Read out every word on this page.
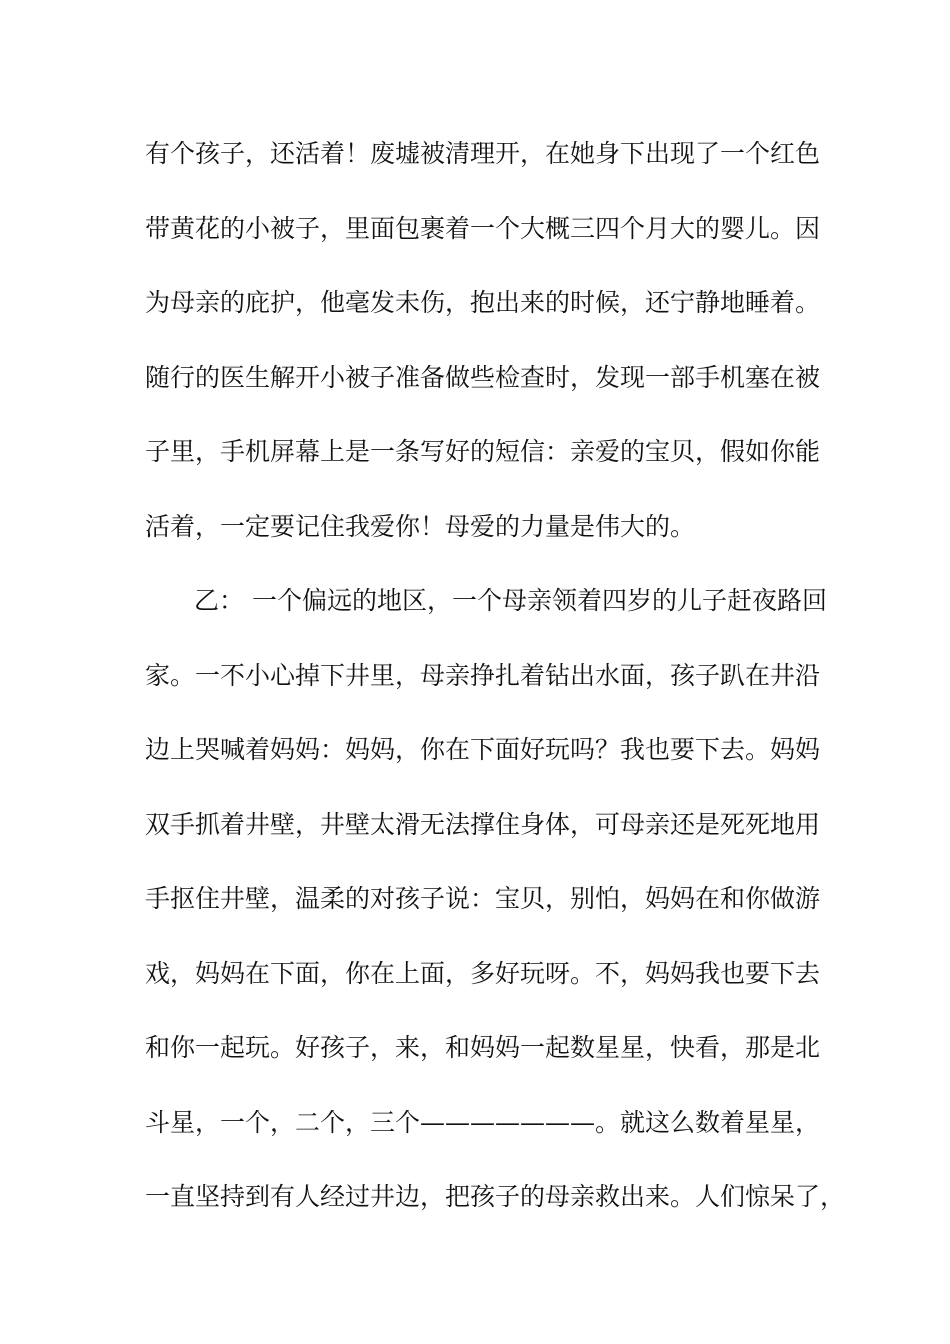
有个孩子，还活着！废墟被清理开，在她身下出现了一个红色

带黄花的小被子，里面包裹着一个大概三四个月大的婴儿。因

为母亲的庇护，他毫发未伤，抱出来的时候，还宁静地睡着。

随行的医生解开小被子准备做些检查时，发现一部手机塞在被

子里，手机屏幕上是一条写好的短信：亲爱的宝贝，假如你能

活着，一定要记住我爱你！母爱的力量是伟大的。

乙： 一个偏远的地区，一个母亲领着四岁的儿子赶夜路回

家。一不小心掉下井里，母亲挣扎着钻出水面，孩子趴在井沿

边上哭喊着妈妈：妈妈，你在下面好玩吗？我也要下去。妈妈

双手抓着井壁，井壁太滑无法撑住身体，可母亲还是死死地用

手抠住井壁，温柔的对孩子说：宝贝，别怕，妈妈在和你做游

戏，妈妈在下面，你在上面，多好玩呀。不，妈妈我也要下去

和你一起玩。好孩子，来，和妈妈一起数星星，快看，那是北

斗星，一个，二个，三个———————。就这么数着星星，

一直坚持到有人经过井边，把孩子的母亲救出来。人们惊呆了，
